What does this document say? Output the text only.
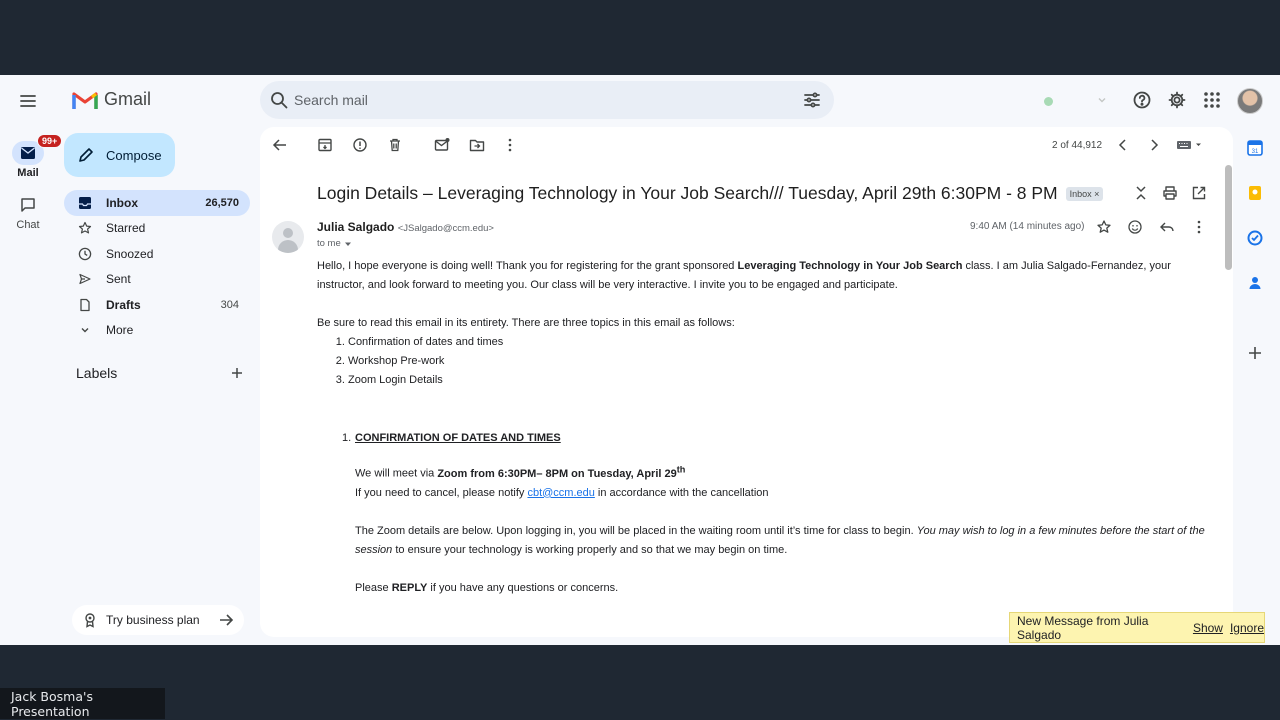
Gmail
Search mail
99+
Mail
Chat
Compose
Inbox	26,570
Starred
Snoozed
Sent
Drafts	304
More
Labels
Try business plan
2 of 44,912
Login Details – Leveraging Technology in Your Job Search/// Tuesday, April 29th 6:30PM - 8 PM	Inbox ×
Julia Salgado <JSalgado@ccm.edu>
to me
9:40 AM (14 minutes ago)

Hello, I hope everyone is doing well! Thank you for registering for the grant sponsored Leveraging Technology in Your Job Search class. I am Julia Salgado-Fernandez, your instructor, and look forward to meeting you. Our class will be very interactive. I invite you to be engaged and participate.

Be sure to read this email in its entirety. There are three topics in this email as follows:

1. Confirmation of dates and times
2. Workshop Pre-work
3. Zoom Login Details
1. CONFIRMATION OF DATES AND TIMES

We will meet via Zoom from 6:30PM– 8PM on Tuesday, April 29th

If you need to cancel, please notify cbt@ccm.edu in accordance with the cancellation

The Zoom details are below. Upon logging in, you will be placed in the waiting room until it’s time for class to begin. You may wish to log in a few minutes before the start of the session to ensure your technology is working properly and so that we may begin on time.

Please REPLY if you have any questions or concerns.

31
New Message from Julia Salgado	Show Ignore
Jack Bosma's Presentation
